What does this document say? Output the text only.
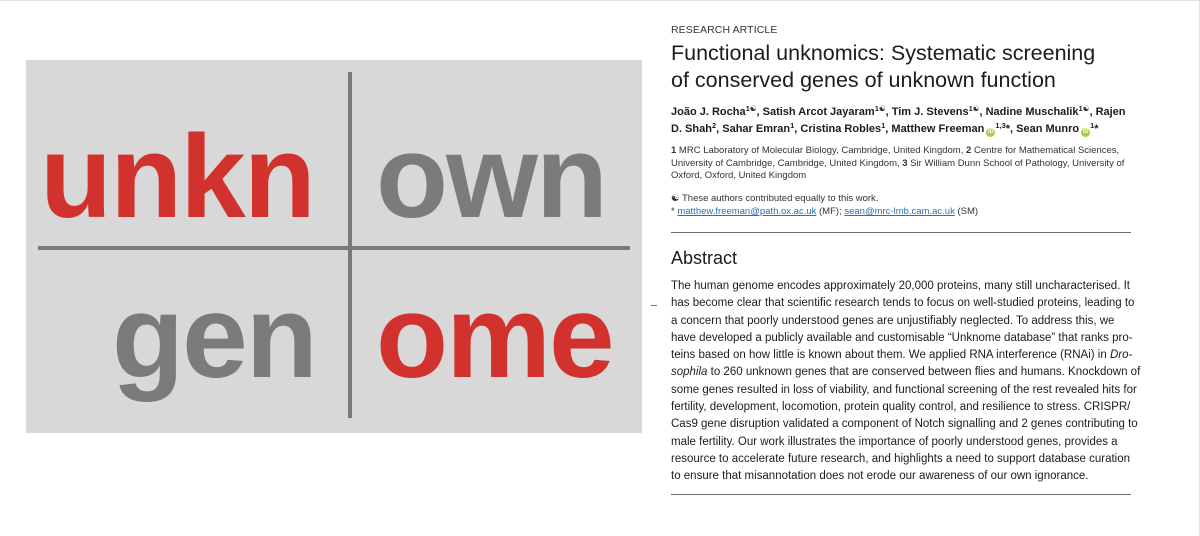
unkn own
gen ome
RESEARCH ARTICLE
Functional unknomics: Systematic screening
of conserved genes of unknown function
João J. Rocha$^{1☯}$, Satish Arcot Jayaram$^{1☯}$, Tim J. Stevens$^{1☯}$, Nadine Muschalik$^{1☯}$, Rajen
D. Shah$^2$, Sahar Emran$^1$, Cristina Robles$^1$, Matthew Freeman iD$^{1,3}$*, Sean Munro $iD^1*$
1 MRC Laboratory of Molecular Biology, Cambridge, United Kingdom, 2 Centre for Mathematical Sciences,
University of Cambridge, Cambridge, United Kingdom, 3 Sir William Dunn School of Pathology, University of
Oxford, Oxford, United Kingdom
☯ These authors contributed equally to this work.
* matthew.freeman@path.ox.ac.uk (MF); sean@mrc-lmb.cam.ac.uk (SM)
Abstract
The human genome encodes approximately 20,000 proteins, many still uncharacterised. It
has become clear that scientific research tends to focus on well-studied proteins, leading to
a concern that poorly understood genes are unjustifiably neglected. To address this, we
have developed a publicly available and customisable “Unknome database” that ranks pro-
teins based on how little is known about them. We applied RNA interference (RNAi) in Dro-
sophila to 260 unknown genes that are conserved between flies and humans. Knockdown of
some genes resulted in loss of viability, and functional screening of the rest revealed hits for
fertility, development, locomotion, protein quality control, and resilience to stress. CRISPR/
Cas9 gene disruption validated a component of Notch signalling and 2 genes contributing to
male fertility. Our work illustrates the importance of poorly understood genes, provides a
resource to accelerate future research, and highlights a need to support database curation
to ensure that misannotation does not erode our awareness of our own ignorance.
